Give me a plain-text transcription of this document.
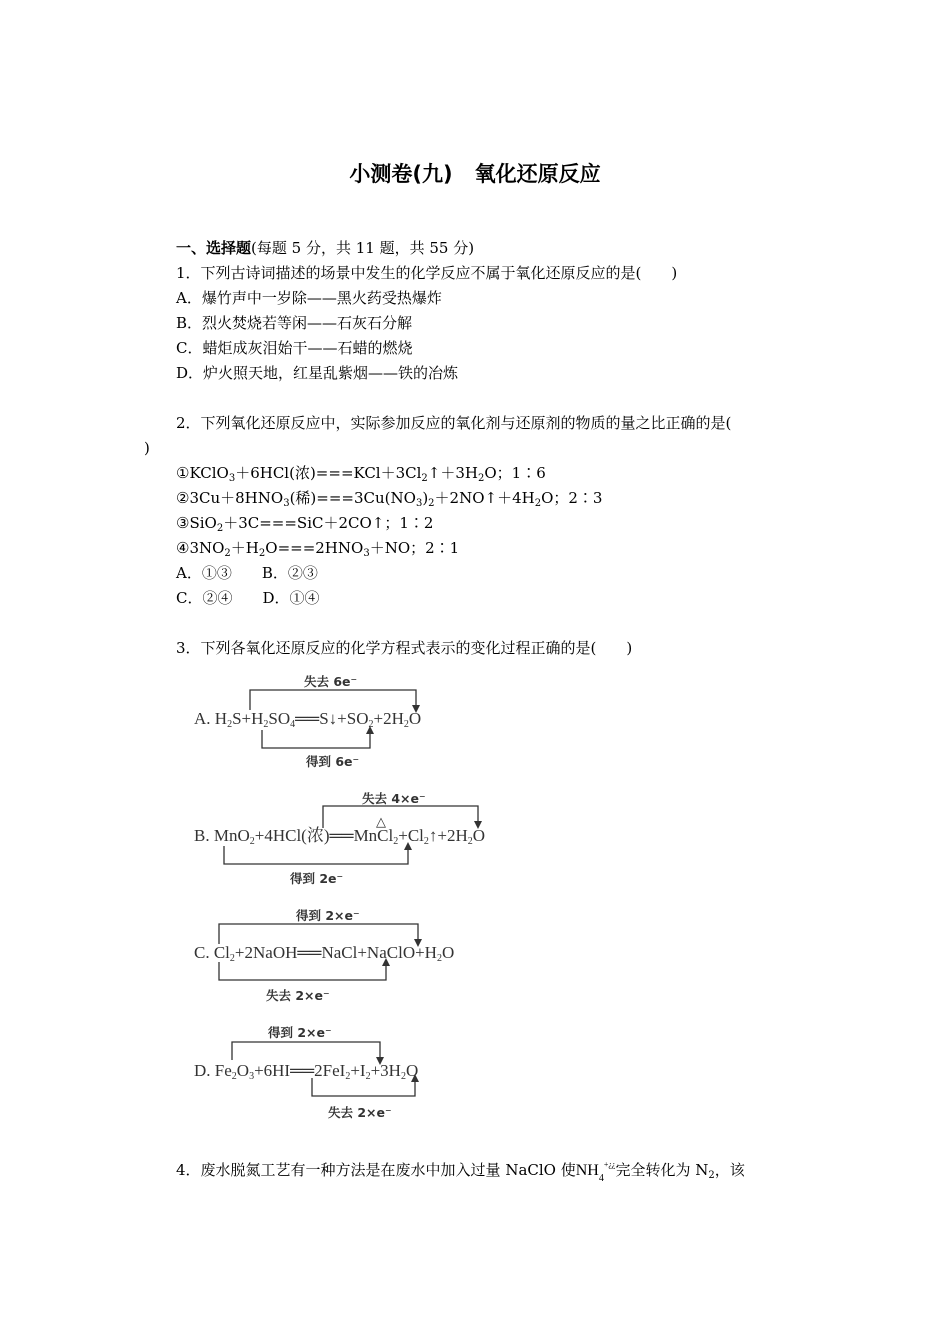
小测卷(九) 氧化还原反应
一、选择题(每题 5 分，共 11 题，共 55 分)
1．下列古诗词描述的场景中发生的化学反应不属于氧化还原反应的是(　　)
A．爆竹声中一岁除——黑火药受热爆炸
B．烈火焚烧若等闲——石灰石分解
C．蜡炬成灰泪始干——石蜡的燃烧
D．炉火照天地，红星乱紫烟——铁的冶炼
2．下列氧化还原反应中，实际参加反应的氧化剂与还原剂的物质的量之比正确的是(
)
①KClO$_3$＋6HCl(浓)$===KCl+3Cl_2↑+3H_2O$；1∶6
$②3Cu+8HNO_3$(稀)$===3Cu(NO_3)_2+2NO↑+4H_2O$；2∶3
③SiO$_2$＋3C===SiC＋2CO↑；1∶2
$④3NO_2+H_2O===2HNO_3+NO$；2∶1
A．①③　　B．②③
C．②④　　D．①④
3．下列各氧化还原反应的化学方程式表示的变化过程正确的是(　　)
失去 6e⁻
A. $H_2S+H_2SO_4══S↓+SO_2+2H_2O$
得到 6e⁻
失去 4×e⁻
△
B. MnO$_2$+4HCl(浓)$══MnCl_2+Cl_2↑+2H_2O$
得到 2e⁻
得到 2×e⁻
C. $Cl_2+2NaOH══NaCl+NaClO+H_2O$
失去 2×e⁻
得到 2×e⁻
D. $Fe_2O_3+6HI══2FeI_2+I_2+3H_2O$
失去 2×e⁻
4．废水脱氮工艺有一种方法是在废水中加入过量 NaClO 使$NH_4^{+¿¿}$完全转化为 $N_2$，该
